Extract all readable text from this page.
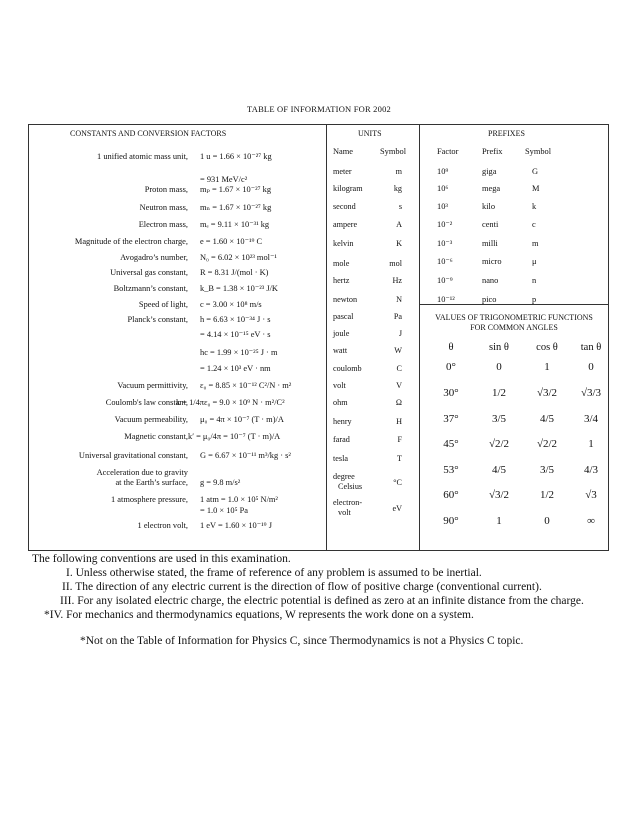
TABLE OF INFORMATION FOR 2002
CONSTANTS AND CONVERSION FACTORS
1 unified atomic mass unit, 1 u = 1.66 × 10⁻²⁷ kg
= 931 MeV/c²
Proton mass, mₚ = 1.67 × 10⁻²⁷ kg
Neutron mass, mₙ = 1.67 × 10⁻²⁷ kg
Electron mass, mₑ = 9.11 × 10⁻³¹ kg
Magnitude of the electron charge, e = 1.60 × 10⁻¹⁹ C
Avogadro’s number, N₀ = 6.02 × 10²³ mol⁻¹
Universal gas constant, R = 8.31 J/(mol · K)
Boltzmann’s constant, k_B = 1.38 × 10⁻²³ J/K
Speed of light, c = 3.00 × 10⁸ m/s
Planck’s constant, h = 6.63 × 10⁻³⁴ J · s
= 4.14 × 10⁻¹⁵ eV · s
hc = 1.99 × 10⁻²⁵ J · m
= 1.24 × 10³ eV · nm
Vacuum permittivity, ε₀ = 8.85 × 10⁻¹² C²/N · m²
Coulomb's law constant,
k = 1/4πε₀ = 9.0 × 10⁹ N · m²/C²
Vacuum permeability, μ₀ = 4π × 10⁻⁷ (T · m)/A
Magnetic constant, k′ = μ₀/4π = 10⁻⁷ (T · m)/A
Universal gravitational constant, G = 6.67 × 10⁻¹¹ m³/kg · s²
Acceleration due to gravity
at the Earth’s surface, g = 9.8 m/s²
1 atmosphere pressure, 1 atm = 1.0 × 10⁵ N/m²
= 1.0 × 10⁵ Pa
1 electron volt, 1 eV = 1.60 × 10⁻¹⁹ J
UNITS
Name	Symbol
meter	m
kilogram	kg
second	s
ampere	A
kelvin	K
mole	mol
hertz	Hz
newton	N
pascal	Pa
joule	J
watt	W
coulomb	C
volt	V
ohm	Ω
henry	H
farad	F
tesla	T
degree
Celsius	°C
electron-
volt	eV
PREFIXES
Factor	Prefix	Symbol
10⁹	giga	G
10⁶	mega	M
10³	kilo	k
10⁻²	centi	c
10⁻³	milli	m
10⁻⁶	micro	μ
10⁻⁹	nano	n
10⁻¹²	pico	p
VALUES OF TRIGONOMETRIC FUNCTIONS
FOR COMMON ANGLES
θ	sin θ	cos θ	tan θ
0°	0	1	0
30°	1/2	√3/2	√3/3
37°	3/5	4/5	3/4
45°	√2/2	√2/2	1
53°	4/5	3/5	4/3
60°	√3/2	1/2	√3
90°	1	0	∞
The following conventions are used in this examination.
I. Unless otherwise stated, the frame of reference of any problem is assumed to be inertial.
II. The direction of any electric current is the direction of flow of positive charge (conventional current).
III. For any isolated electric charge, the electric potential is defined as zero at an infinite distance from the charge.
*IV. For mechanics and thermodynamics equations, W represents the work done on a system.
*Not on the Table of Information for Physics C, since Thermodynamics is not a Physics C topic.
